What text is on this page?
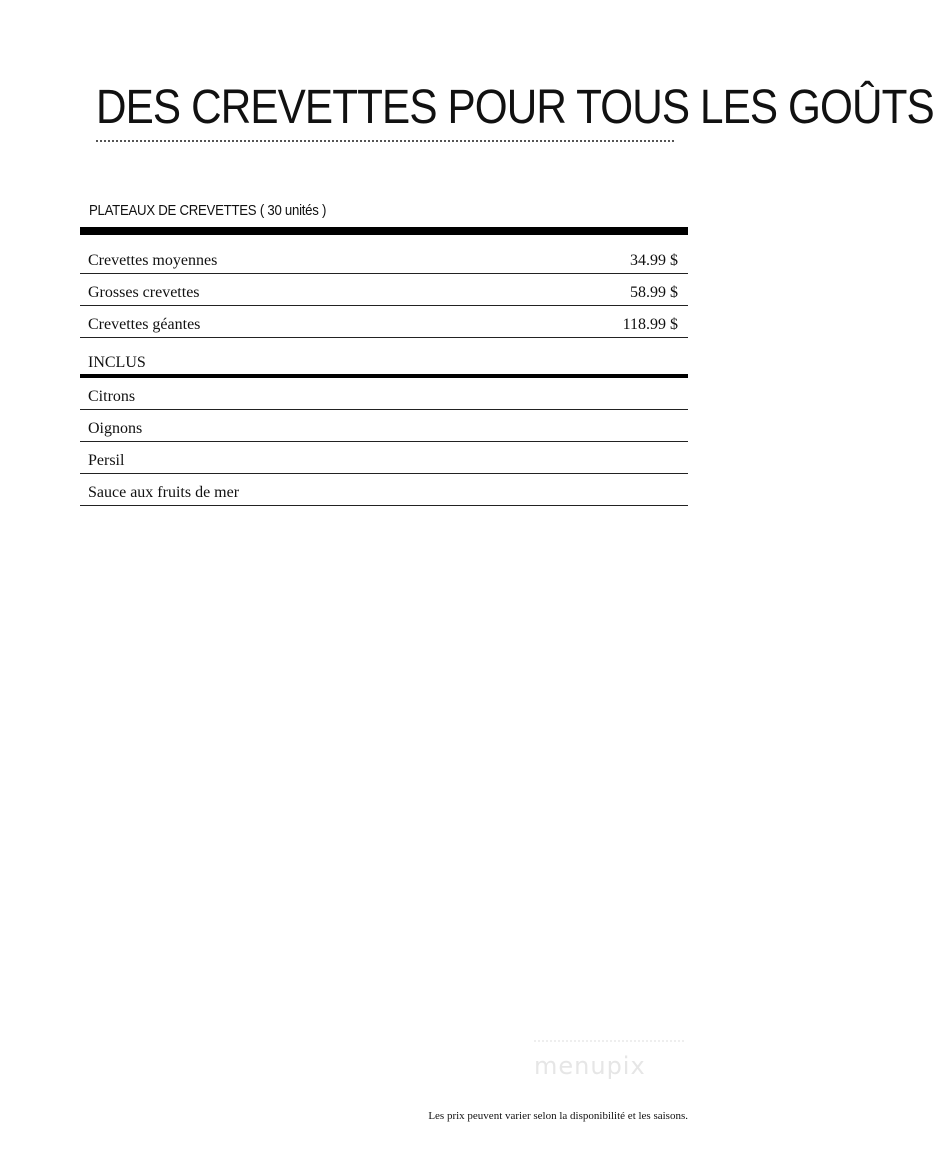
DES CREVETTES POUR TOUS LES GOÛTS
PLATEAUX DE CREVETTES ( 30 unités )
Crevettes moyennes	34.99 $
Grosses crevettes	58.99 $
Crevettes géantes	118.99 $
INCLUS
Citrons
Oignons
Persil
Sauce aux fruits de mer
menupix
Les prix peuvent varier selon la disponibilité et les saisons.
